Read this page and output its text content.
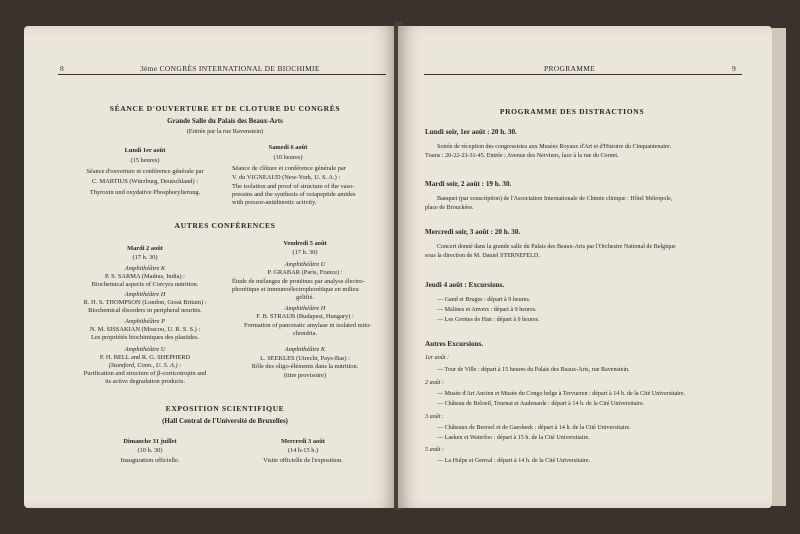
8	3ème CONGRÈS INTERNATIONAL DE BIOCHIMIE
SÉANCE D'OUVERTURE ET DE CLOTURE DU CONGRÈS
Grande Salle du Palais des Beaux-Arts
(Entrée par la rue Ravenstein)
Lundi 1er août
(15 heures)
Séance d'ouverture et conférence générale par
C. MARTIUS (Würzburg, Deutschland) :
Thyroxin und oxydative Phosphorylierung.
Samedi 6 août
(10 heures)
Séance de clôture et conférence générale par
V. du VIGNEAUD (New-York, U. S. A.) :
The isolation and proof of structure of the vaso-
pressins and the synthesis of octapeptide amides
with pressor-antidiuretic activity.
AUTRES CONFÉRENCES
Mardi 2 août
(17 h. 30)
Amphithéâtre K
P. S. SARMA (Madras, India) :
Biochemical aspects of Corcyra nutrition.
Amphithéâtre H
R. H. S. THOMPSON (London, Great Britain) :
Biochemical disorders in peripheral neuritis.
Amphithéâtre P
N. M. SISSAKIAN (Moscou, U. R. S. S.) :
Les propriétés biochimiques des plastides.
Amphithéâtre U
P. H. BELL and R. G. SHEPHERD
(Stamford, Conn., U. S. A.) :
Purification and structure of β-corticotropin and
its active degradation products.
Vendredi 5 août
(17 h. 30)
Amphithéâtre U
P. GRABAR (Paris, France) :
Étude de mélanges de protéines par analyse électro-
phorétique et immunoélectrophorétique en milieu
gélifié.
Amphithéâtre H
F. B. STRAUB (Budapest, Hungary) :
Formation of pancreatic amylase in isolated mito-
chondria.
Amphithéâtre K
L. SEEKLES (Utrecht, Pays-Bas) :
Rôle des oligo-éléments dans la nutrition.
(titre provisoire)
EXPOSITION SCIENTIFIQUE
(Hall Central de l'Université de Bruxelles)
Dimanche 31 juillet
(10 h. 30)
Inauguration officielle.
Mercredi 3 août
(14 h-15 h.)
Visite officielle de l'exposition.
PROGRAMME	9
PROGRAMME DES DISTRACTIONS
Lundi soir, 1er août : 20 h. 30.
Soirée de réception des congressistes aux Musées Royaux d'Art et d'Histoire du Cinquantenaire.
Trams : 20-22-23-31-45. Entrée : Avenue des Nerviens, face à la rue du Cornet.
Mardi soir, 2 août : 19 h. 30.
Banquet (par souscription) de l'Association Internationale de Chimie clinique : Hôtel Métropole,
place de Brouckère.
Mercredi soir, 3 août : 20 h. 30.
Concert donné dans la grande salle du Palais des Beaux-Arts par l'Orchestre National de Belgique
sous la direction de M. Daniel STERNEFELD.
Jeudi 4 août : Excursions.
— Gand et Bruges : départ à 9 heures.
— Malines et Anvers : départ à 9 heures.
— Les Grottes de Han : départ à 9 heures.
Autres Excursions.
1er août :
— Tour de Ville : départ à 15 heures du Palais des Beaux-Arts, rue Ravenstein.
2 août :
— Musée d'Art Ancien et Musée du Congo belge à Tervueren : départ à 14 h. de la Cité Universitaire.
— Château de Beloeil, Tournai et Audenarde : départ à 14 h. de la Cité Universitaire.
3 août :
— Châteaux de Beersel et de Gaesbeek : départ à 14 h. de la Cité Universitaire.
— Laeken et Waterloo : départ à 15 h. de la Cité Universitaire.
5 août :
— La Hulpe et Genval : départ à 14 h. de la Cité Universitaire.
